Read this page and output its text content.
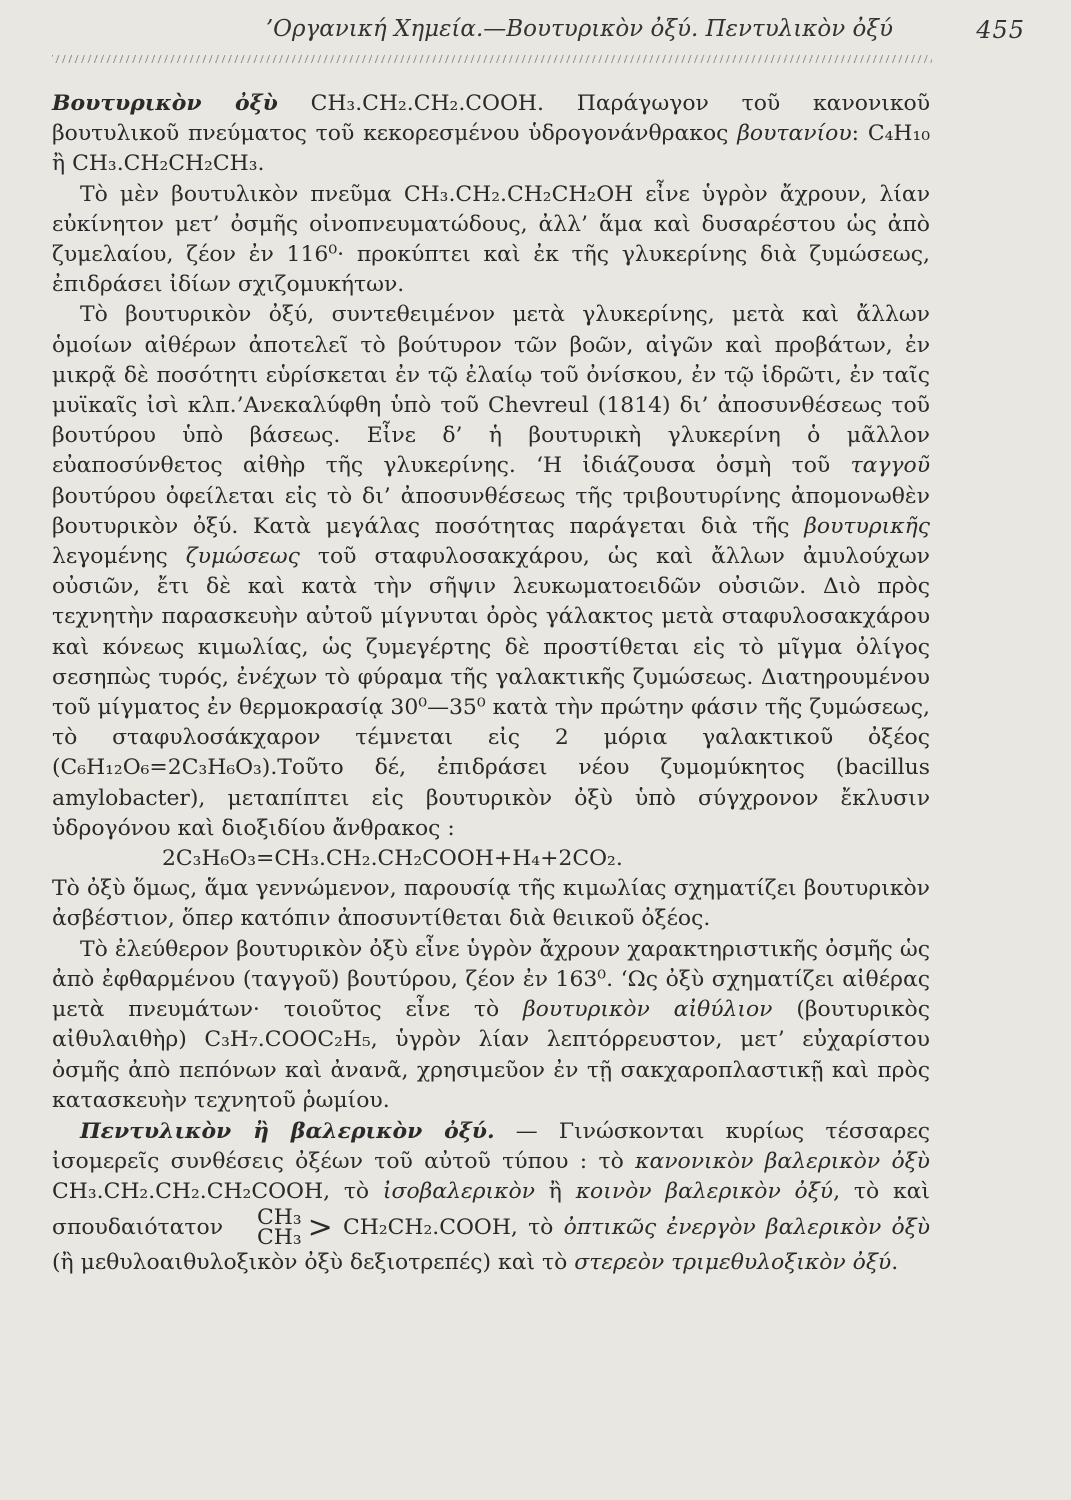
’Οργανική Χημεία.—Βουτυρικὸν ὀξύ. Πεντυλικὸν ὀξύ	455

Βουτυρικὸν ὀξὺ CH₃.CH₂.CH₂.COOH. Παράγωγον τοῦ κανονικοῦ βουτυλικοῦ πνεύματος τοῦ κεκορεσμένου ὑδρογονάνθρακος βουτανίου: C₄H₁₀ ἢ CH₃.CH₂CH₂CH₃.

Τὸ μὲν βουτυλικὸν πνεῦμα CH₃.CH₂.CH₂CH₂OH εἶνε ὑγρὸν ἄχρουν, λίαν εὐκίνητον μετ’ ὀσμῆς οἰνοπνευματώδους, ἀλλ’ ἅμα καὶ δυσαρέστου ὡς ἀπὸ ζυμελαίου, ζέον ἐν 116⁰· προκύπτει καὶ ἐκ τῆς γλυκερίνης διὰ ζυμώσεως, ἐπιδράσει ἰδίων σχιζομυκήτων.

Τὸ βουτυρικὸν ὀξύ, συντεθειμένον μετὰ γλυκερίνης, μετὰ καὶ ἄλλων ὁμοίων αἰθέρων ἀποτελεῖ τὸ βούτυρον τῶν βοῶν, αἰγῶν καὶ προβάτων, ἐν μικρᾷ δὲ ποσότητι εὑρίσκεται ἐν τῷ ἐλαίῳ τοῦ ὀνίσκου, ἐν τῷ ἱδρῶτι, ἐν ταῖς μυϊκαῖς ἰσὶ κλπ.’Ανεκαλύφθη ὑπὸ τοῦ Chevreul (1814) δι’ ἀποσυνθέσεως τοῦ βουτύρου ὑπὸ βάσεως. Εἶνε δ’ ἡ βουτυρικὴ γλυκερίνη ὁ μᾶλλον εὐαποσύνθετος αἰθὴρ τῆς γλυκερίνης. ‘Η ἰδιάζουσα ὀσμὴ τοῦ ταγγοῦ βουτύρου ὀφείλεται εἰς τὸ δι’ ἀποσυνθέσεως τῆς τριβουτυρίνης ἀπομονωθὲν βουτυρικὸν ὀξύ. Κατὰ μεγάλας ποσότητας παράγεται διὰ τῆς βουτυρικῆς λεγομένης ζυμώσεως τοῦ σταφυλοσακχάρου, ὡς καὶ ἄλλων ἀμυλούχων οὐσιῶν, ἔτι δὲ καὶ κατὰ τὴν σῆψιν λευκωματοειδῶν οὐσιῶν. Διὸ πρὸς τεχνητὴν παρασκευὴν αὐτοῦ μίγνυται ὀρὸς γάλακτος μετὰ σταφυλοσακχάρου καὶ κόνεως κιμωλίας, ὡς ζυμεγέρτης δὲ προστίθεται εἰς τὸ μῖγμα ὀλίγος σεσηπὼς τυρός, ἐνέχων τὸ φύραμα τῆς γαλακτικῆς ζυμώσεως. Διατηρουμένου τοῦ μίγματος ἐν θερμοκρασίᾳ 30⁰—35⁰ κατὰ τὴν πρώτην φάσιν τῆς ζυμώσεως, τὸ σταφυλοσάκχαρον τέμνεται εἰς 2 μόρια γαλακτικοῦ ὀξέος (C₆H₁₂O₆=2C₃H₆O₃).Τοῦτο δέ, ἐπιδράσει νέου ζυμομύκητος (bacillus amylobacter), μεταπίπτει εἰς βουτυρικὸν ὀξὺ ὑπὸ σύγχρονον ἔκλυσιν ὑδρογόνου καὶ διοξιδίου ἄνθρακος :

2C₃H₆O₃=CH₃.CH₂.CH₂COOH+H₄+2CO₂.

Τὸ ὀξὺ ὅμως, ἅμα γεννώμενον, παρουσίᾳ τῆς κιμωλίας σχηματίζει βουτυρικὸν ἀσβέστιον, ὅπερ κατόπιν ἀποσυντίθεται διὰ θειικοῦ ὀξέος.

Τὸ ἐλεύθερον βουτυρικὸν ὀξὺ εἶνε ὑγρὸν ἄχρουν χαρακτηριστικῆς ὀσμῆς ὡς ἀπὸ ἐφθαρμένου (ταγγοῦ) βουτύρου, ζέον ἐν 163⁰. ‘Ως ὀξὺ σχηματίζει αἰθέρας μετὰ πνευμάτων· τοιοῦτος εἶνε τὸ βουτυρικὸν αἰθύλιον (βουτυρικὸς αἰθυλαιθὴρ) C₃H₇.COOC₂H₅, ὑγρὸν λίαν λεπτόρρευστον, μετ’ εὐχαρίστου ὀσμῆς ἀπὸ πεπόνων καὶ ἀνανᾶ, χρησιμεῦον ἐν τῇ σακχαροπλαστικῇ καὶ πρὸς κατασκευὴν τεχνητοῦ ῥωμίου.

Πεντυλικὸν ἢ βαλερικὸν ὀξύ. — Γινώσκονται κυρίως τέσσαρες ἰσομερεῖς συνθέσεις ὀξέων τοῦ αὐτοῦ τύπου : τὸ κανονικὸν βαλερικὸν ὀξὺ CH₃.CH₂.CH₂.CH₂COOH, τὸ ἰσοβαλερικὸν ἢ κοινὸν βαλερικὸν ὀξύ, τὸ καὶ σπουδαιότατον	CH₃
CH₃ > CH₂CH₂.COOH, τὸ ὀπτικῶς ἐνεργὸν βαλερικὸν ὀξὺ (ἢ μεθυλοαιθυλοξικὸν ὀξὺ δεξιοτρεπές) καὶ τὸ στερεὸν τριμεθυλοξικὸν ὀξύ.
